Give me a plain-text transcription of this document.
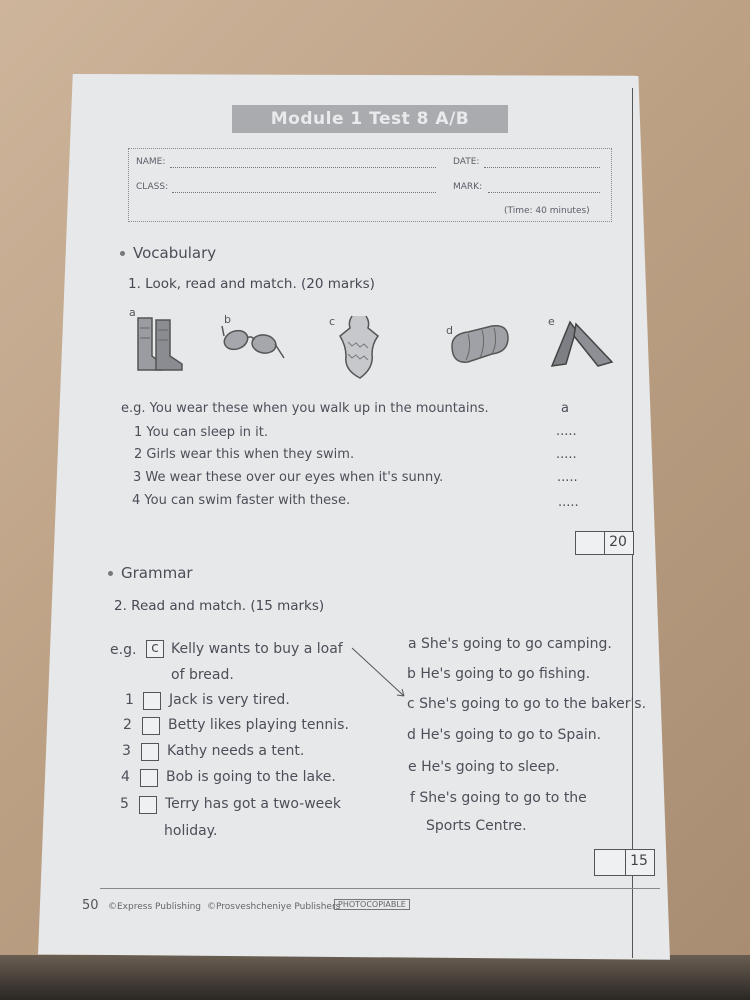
Module 1 Test 8 A/B
NAME:	DATE:
CLASS:	MARK:
(Time: 40 minutes)
Vocabulary
1. Look, read and match. (20 marks)
a
b	c
d
e
e.g. You wear these when you walk up in the mountains.	a
1 You can sleep in it.	.....
2 Girls wear this when they swim.	.....
3 We wear these over our eyes when it's sunny.	.....
4 You can swim faster with these.	.....
20
Grammar
2. Read and match. (15 marks)
e.g.	c Kelly wants to buy a loaf
of bread.
1	Jack is very tired.
2	Betty likes playing tennis.
3	Kathy needs a tent.
4	Bob is going to the lake.
5	Terry has got a two-week
holiday.
a She's going to go camping.
b He's going to go fishing.
c She's going to go to the baker's.
d He's going to go to Spain.
e He's going to sleep.
f She's going to go to the
Sports Centre.
15
50 ©Express Publishing ©Prosveshcheniye Publishers
PHOTOCOPIABLE
